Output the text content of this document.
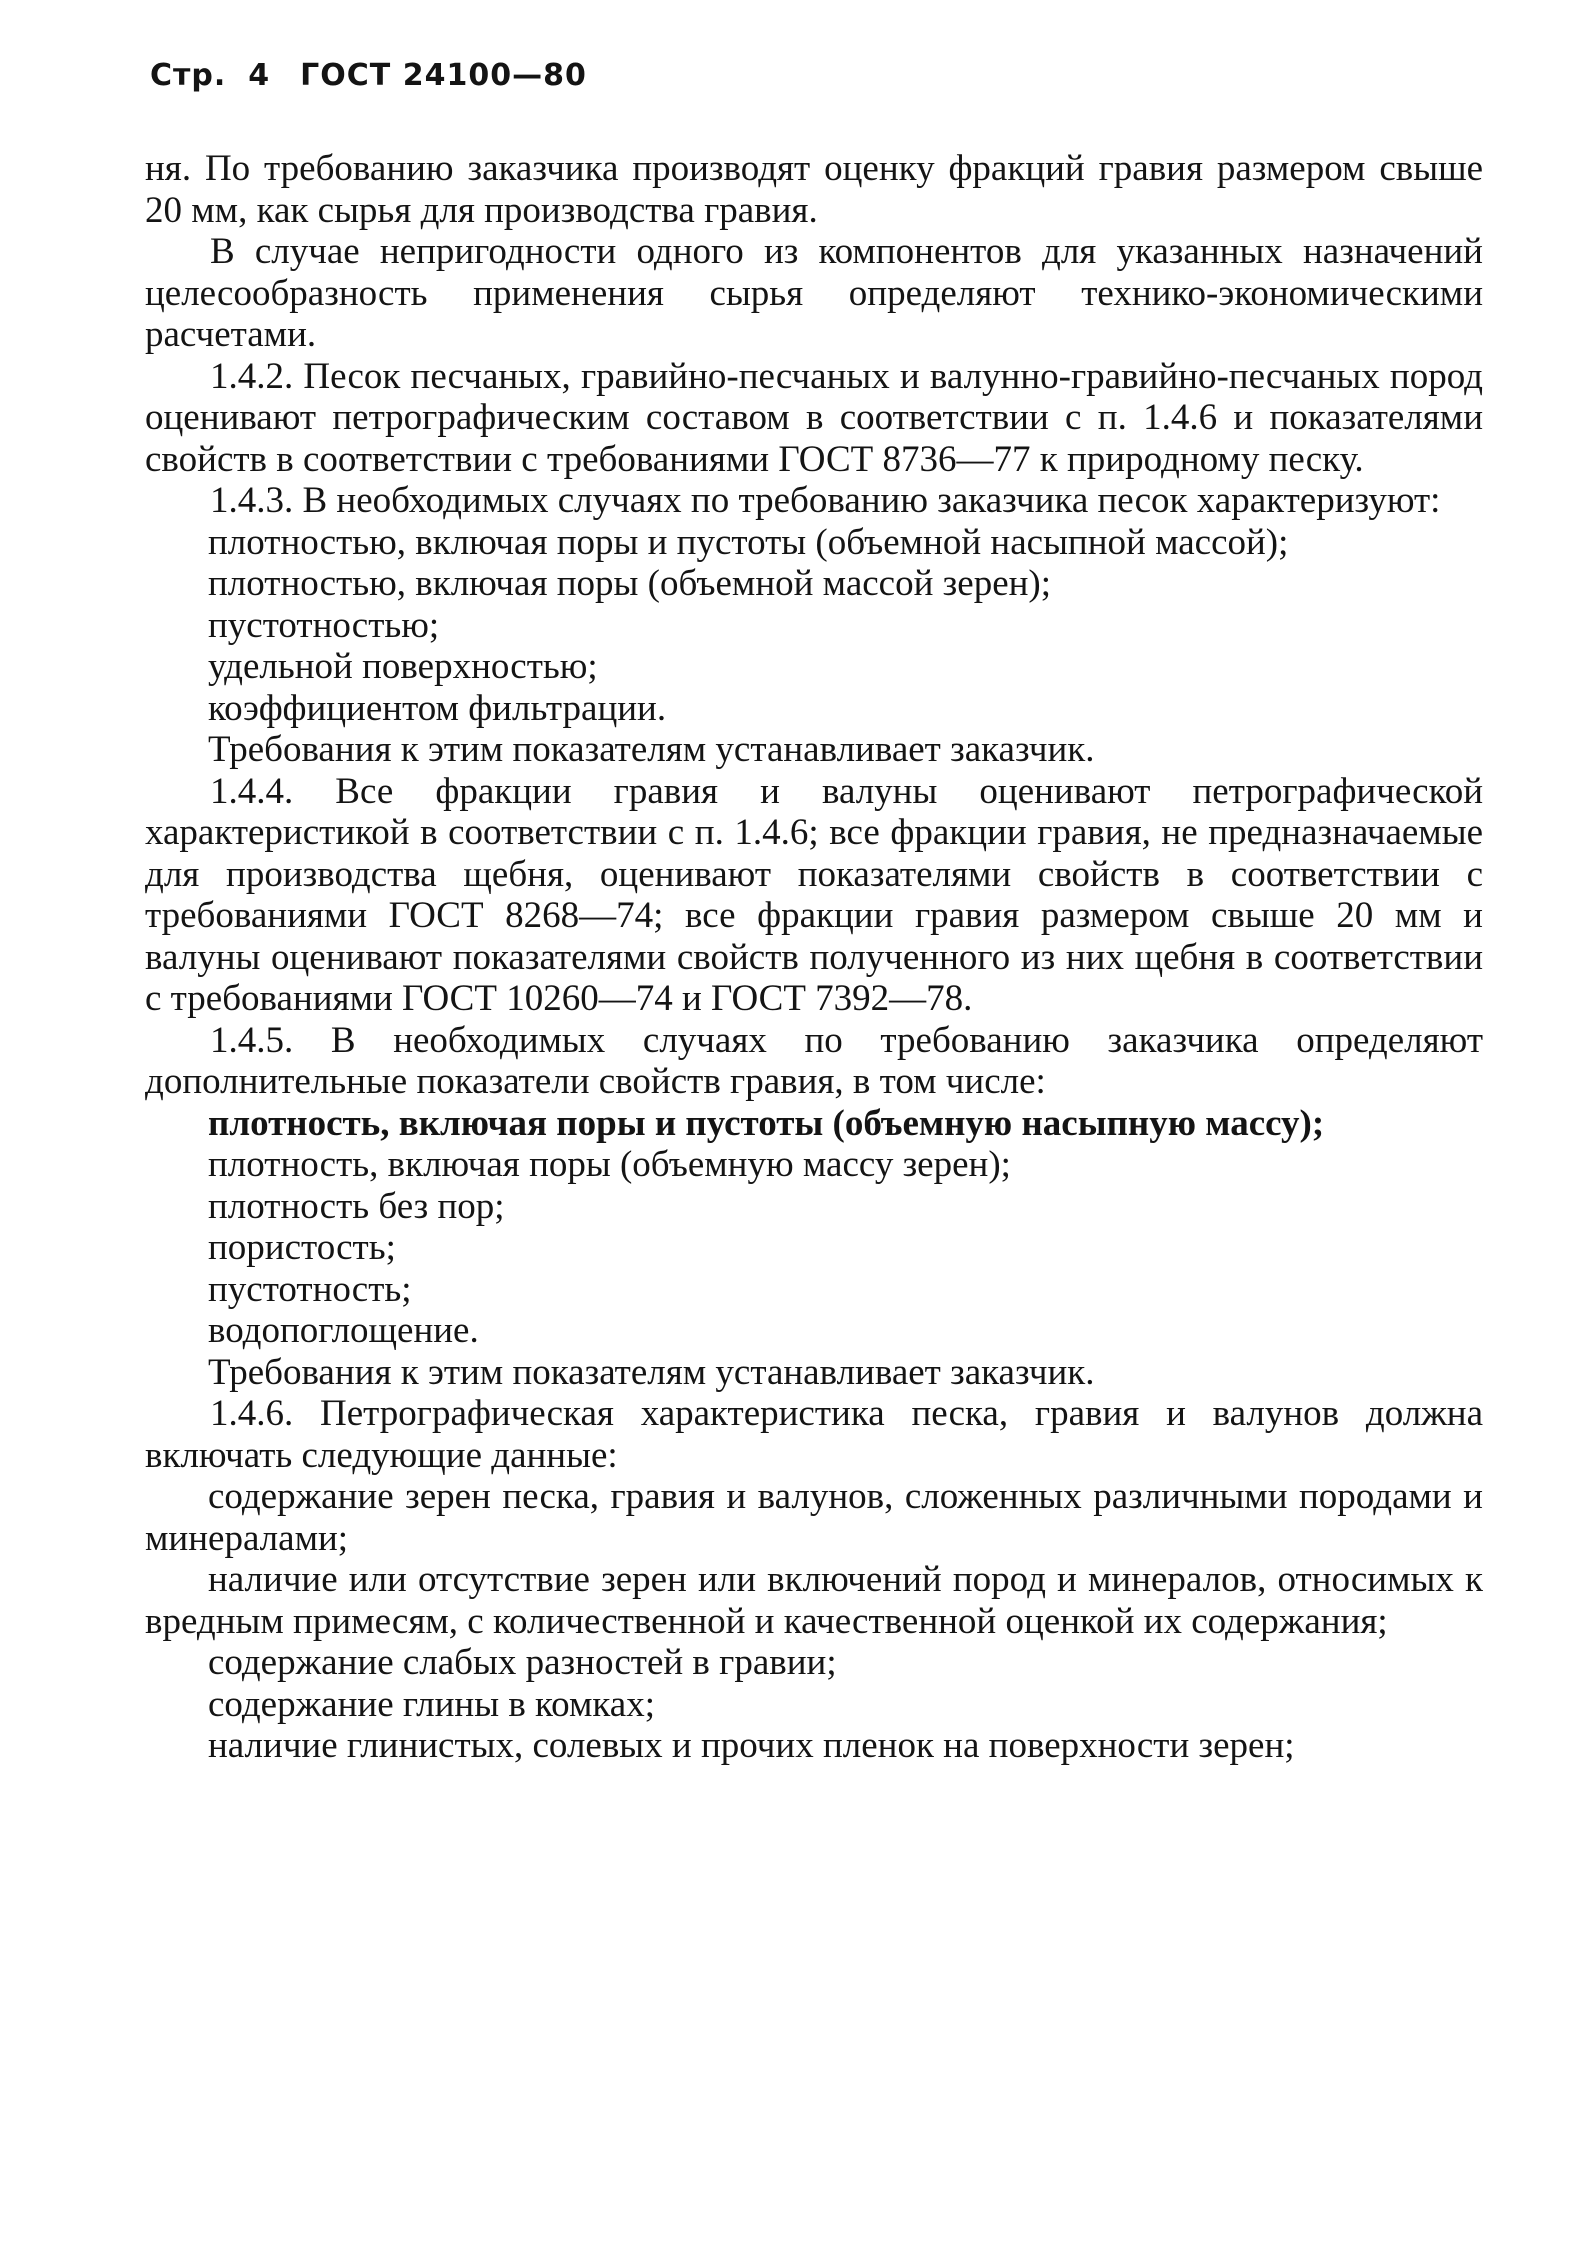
Стр. 4 ГОСТ 24100—80

ня. По требованию заказчика производят оценку фракций гравия размером свыше 20 мм, как сырья для производства гравия.

В случае непригодности одного из компонентов для указанных назначений целесообразность применения сырья определяют технико-экономическими расчетами.

1.4.2. Песок песчаных, гравийно-песчаных и валунно-гравийно-песчаных пород оценивают петрографическим составом в соответствии с п. 1.4.6 и показателями свойств в соответствии с требованиями ГОСТ 8736—77 к природному песку.

1.4.3. В необходимых случаях по требованию заказчика песок характеризуют:

плотностью, включая поры и пустоты (объемной насыпной массой);

плотностью, включая поры (объемной массой зерен);

пустотностью;

удельной поверхностью;

коэффициентом фильтрации.

Требования к этим показателям устанавливает заказчик.

1.4.4. Все фракции гравия и валуны оценивают петрографической характеристикой в соответствии с п. 1.4.6; все фракции гравия, не предназначаемые для производства щебня, оценивают показателями свойств в соответствии с требованиями ГОСТ 8268—74; все фракции гравия размером свыше 20 мм и валуны оценивают показателями свойств полученного из них щебня в соответствии с требованиями ГОСТ 10260—74 и ГОСТ 7392—78.

1.4.5. В необходимых случаях по требованию заказчика определяют дополнительные показатели свойств гравия, в том числе:

плотность, включая поры и пустоты (объемную насыпную массу);

плотность, включая поры (объемную массу зерен);

плотность без пор;

пористость;

пустотность;

водопоглощение.

Требования к этим показателям устанавливает заказчик.

1.4.6. Петрографическая характеристика песка, гравия и валунов должна включать следующие данные:

содержание зерен песка, гравия и валунов, сложенных различными породами и минералами;

наличие или отсутствие зерен или включений пород и минералов, относимых к вредным примесям, с количественной и качественной оценкой их содержания;

содержание слабых разностей в гравии;

содержание глины в комках;

наличие глинистых, солевых и прочих пленок на поверхности зерен;
